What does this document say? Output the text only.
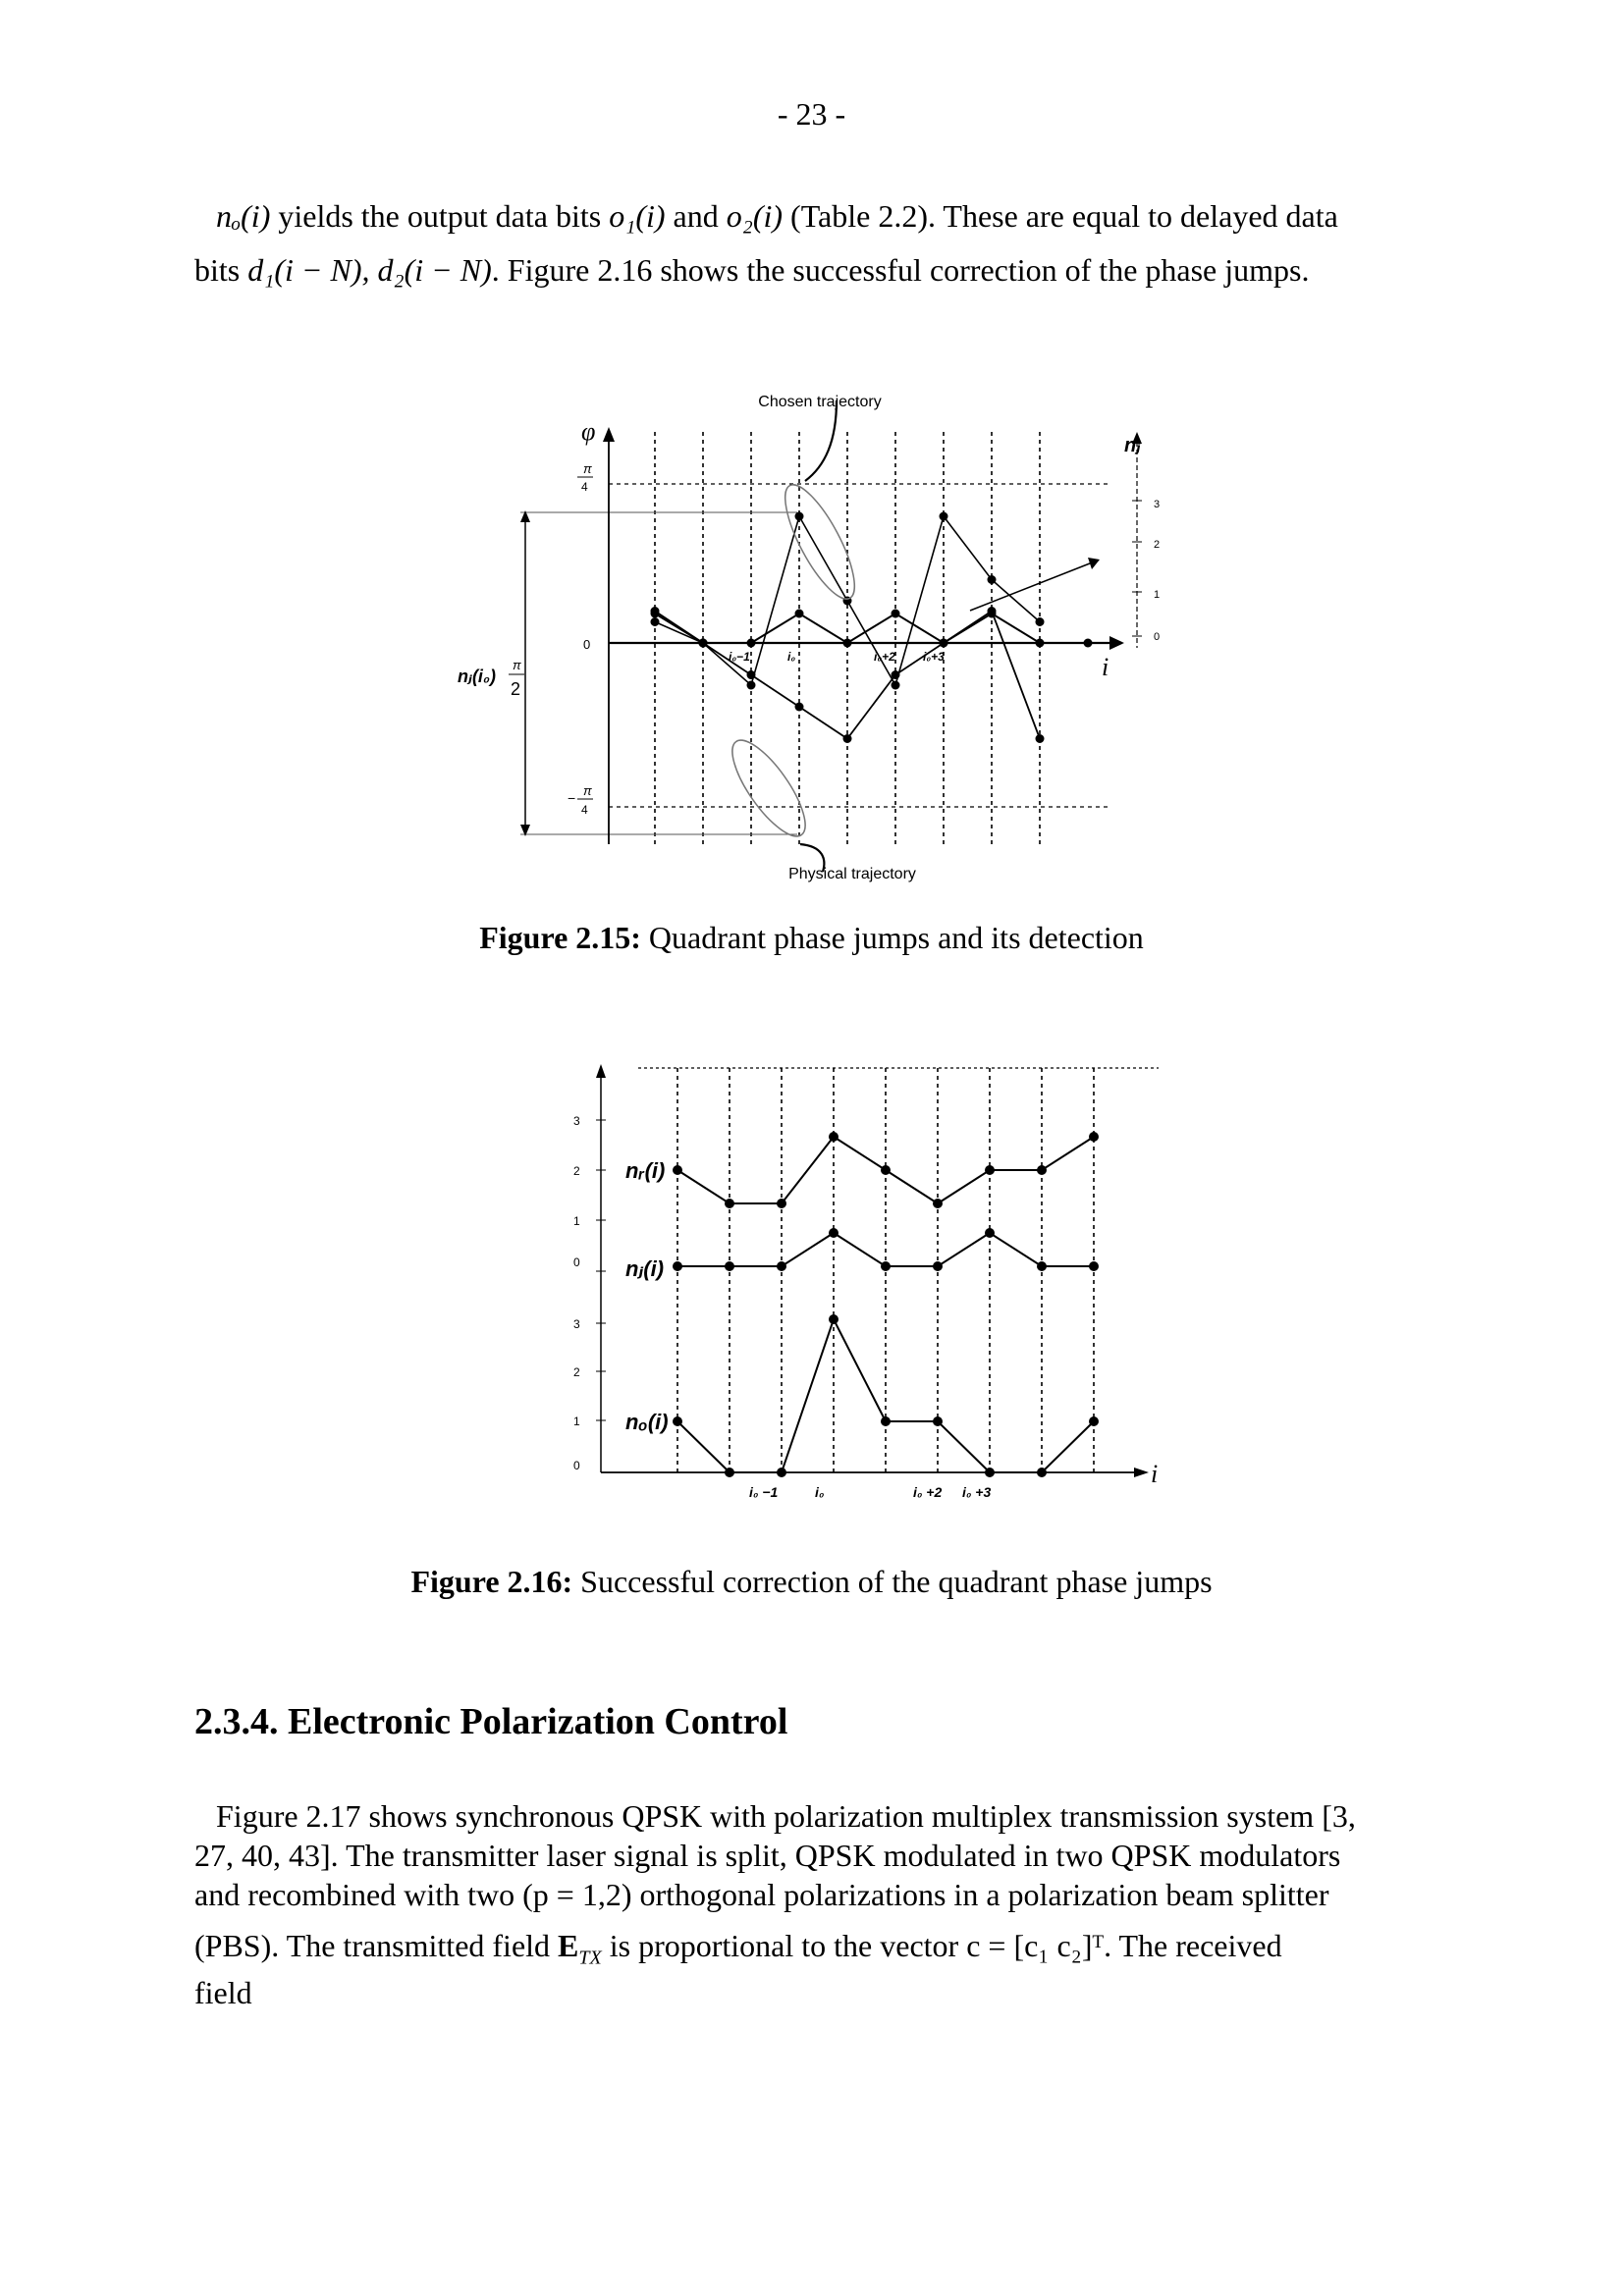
- 23 -
nₒ(i) yields the output data bits o₁(i) and o₂(i) (Table 2.2). These are equal to delayed data
bits d₁(i − N), d₂(i − N). Figure 2.16 shows the successful correction of the phase jumps.
Chosen trajectory
Physical trajectory
φ	nⱼ
i
π
4
0
− π
4
nⱼ(i₀)
π
2
3
2
1
0
i₀−1	i₀	i₀+2 i₀+3
Figure 2.15: Quadrant phase jumps and its detection
3
2
1
0
3
2
1
0
nᵣ(i)
nⱼ(i)
nₒ(i)
i
i₀ −1	i₀	i₀ +2 i₀ +3
Figure 2.16: Successful correction of the quadrant phase jumps
2.3.4. Electronic Polarization Control
Figure 2.17 shows synchronous QPSK with polarization multiplex transmission system [3,
27, 40, 43]. The transmitter laser signal is split, QPSK modulated in two QPSK modulators
and recombined with two (p = 1,2) orthogonal polarizations in a polarization beam splitter
(PBS). The transmitted field $E_{TX}$ is proportional to the vector c = [c₁ c₂]ᵀ. The received
field
